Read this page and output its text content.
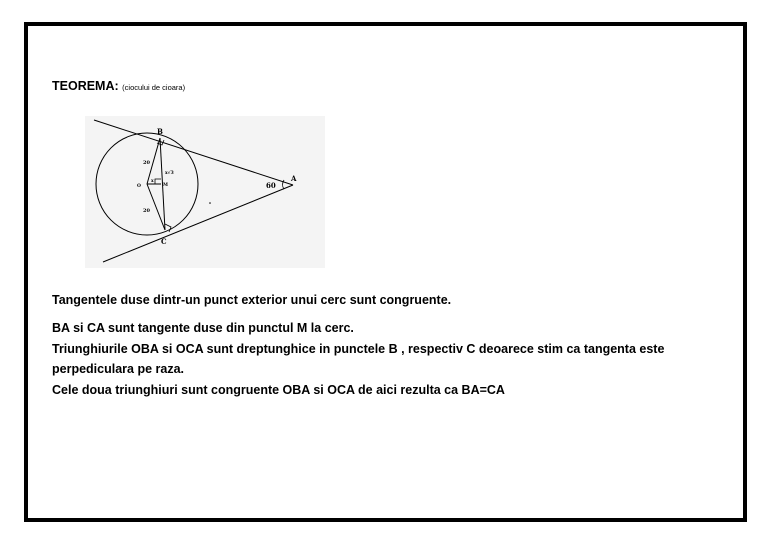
TEOREMA: (ciocului de cioara)
B
C
A
60
O	M
20
20
x
x√3
Tangentele duse dintr-un punct exterior unui cerc sunt congruente.
BA si CA sunt tangente duse din punctul M la cerc.
Triunghiurile OBA si OCA sunt dreptunghice in punctele B , respectiv C deoarece stim ca tangenta este
perpedicularа pe raza.
Cele doua triunghiuri sunt congruente OBA si OCA de aici rezulta ca BA=CA
